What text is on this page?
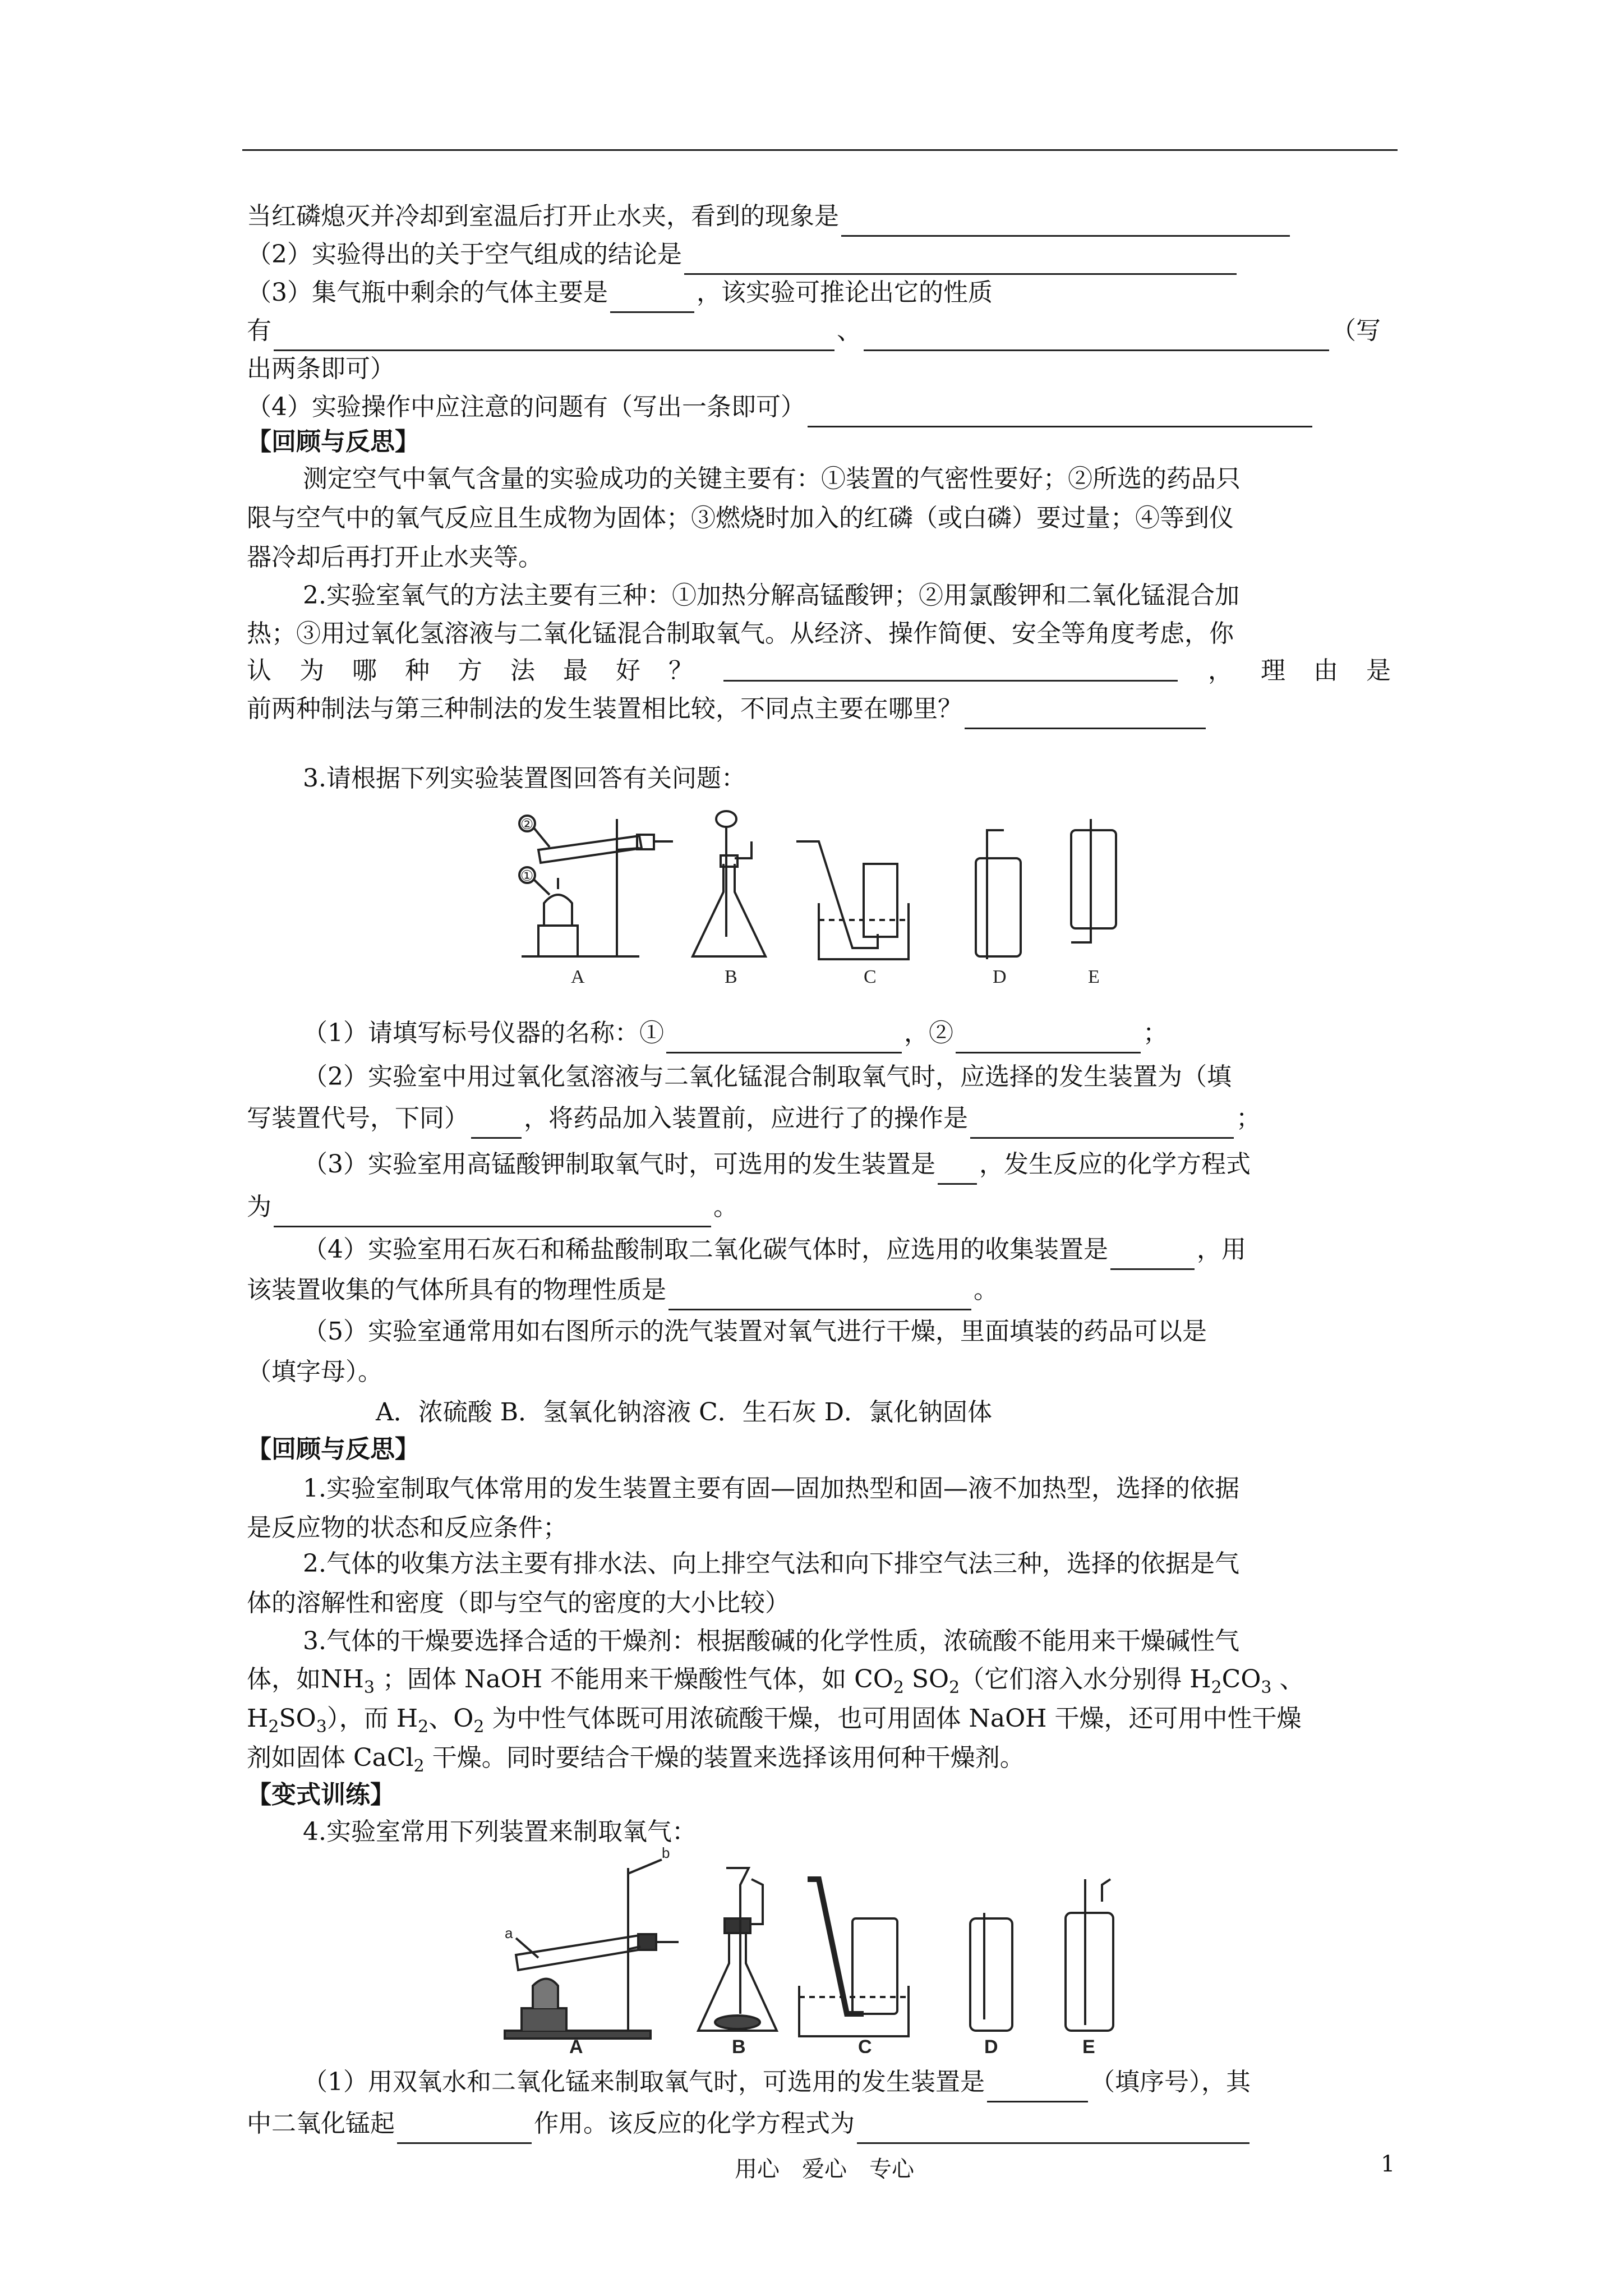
当红磷熄灭并冷却到室温后打开止水夹，看到的现象是
（2）实验得出的关于空气组成的结论是
（3）集气瓶中剩余的气体主要是	，该实验可推论出它的性质
有	、	（写
出两条即可）
（4）实验操作中应注意的问题有（写出一条即可）
【回顾与反思】
测定空气中氧气含量的实验成功的关键主要有：①装置的气密性要好；②所选的药品只
限与空气中的氧气反应且生成物为固体；③燃烧时加入的红磷（或白磷）要过量；④等到仪
器冷却后再打开止水夹等。
2.实验室氧气的方法主要有三种：①加热分解高锰酸钾；②用氯酸钾和二氧化锰混合加
热；③用过氧化氢溶液与二氧化锰混合制取氧气。从经济、操作简便、安全等角度考虑，你
认 为 哪 种 方 法 最 好 ？	， 理 由 是
前两种制法与第三种制法的发生装置相比较，不同点主要在哪里？
3.请根据下列实验装置图回答有关问题：
A	B	C	D	E
②
①
（1）请填写标号仪器的名称：①	，②	；
（2）实验室中用过氧化氢溶液与二氧化锰混合制取氧气时，应选择的发生装置为（填
写装置代号，下同） ，将药品加入装置前，应进行了的操作是	；
（3）实验室用高锰酸钾制取氧气时，可选用的发生装置是 ，发生反应的化学方程式
为	。
（4）实验室用石灰石和稀盐酸制取二氧化碳气体时，应选用的收集装置是	，用
该装置收集的气体所具有的物理性质是	。
（5）实验室通常用如右图所示的洗气装置对氧气进行干燥，里面填装的药品可以是
（填字母）。
A．浓硫酸 B．氢氧化钠溶液 C．生石灰 D．氯化钠固体
【回顾与反思】
1.实验室制取气体常用的发生装置主要有固—固加热型和固—液不加热型，选择的依据
是反应物的状态和反应条件；
2.气体的收集方法主要有排水法、向上排空气法和向下排空气法三种，选择的依据是气
体的溶解性和密度（即与空气的密度的大小比较）
3.气体的干燥要选择合适的干燥剂：根据酸碱的化学性质，浓硫酸不能用来干燥碱性气
体，如$NH_3$ ；固体 NaOH 不能用来干燥酸性气体，如 $CO_2$ $SO_2$（它们溶入水分别得 $H_2CO_3$ 、
$H_2SO_3$），而 $H_2$、$O_2$ 为中性气体既可用浓硫酸干燥，也可用固体 NaOH 干燥，还可用中性干燥
剂如固体 CaCl$_2$ 干燥。同时要结合干燥的装置来选择该用何种干燥剂。
【变式训练】
4.实验室常用下列装置来制取氧气：
A	B	C	D	E
a
b
（1）用双氧水和二氧化锰来制取氧气时，可选用的发生装置是	（填序号），其
中二氧化锰起	作用。该反应的化学方程式为
用心　爱心　专心	1
